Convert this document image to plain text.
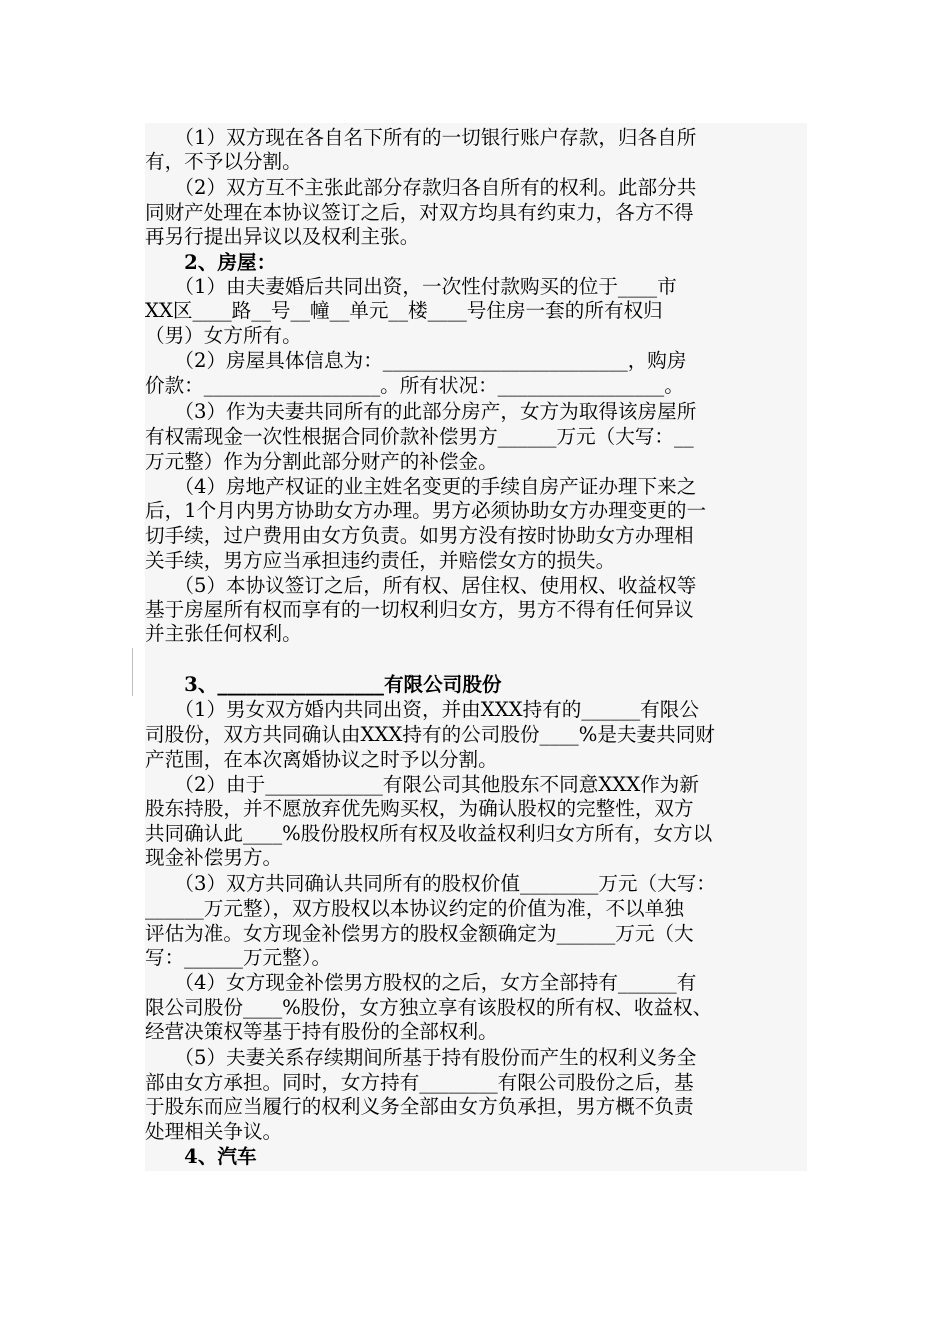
　　（1）双方现在各自名下所有的一切银行账户存款，归各自所
有，不予以分割。
　　（2）双方互不主张此部分存款归各自所有的权利。此部分共
同财产处理在本协议签订之后，对双方均具有约束力，各方不得
再另行提出异议以及权利主张。
　　2、房屋：
　　（1）由夫妻婚后共同出资，一次性付款购买的位于____市
XX区____路__号__幢__单元__楼____号住房一套的所有权归
（男）女方所有。
　　（2）房屋具体信息为：_________________________，购房
价款：__________________。所有状况：_________________。
　　（3）作为夫妻共同所有的此部分房产，女方为取得该房屋所
有权需现金一次性根据合同价款补偿男方______万元（大写：__
万元整）作为分割此部分财产的补偿金。
　　（4）房地产权证的业主姓名变更的手续自房产证办理下来之
后，1个月内男方协助女方办理。男方必须协助女方办理变更的一
切手续，过户费用由女方负责。如男方没有按时协助女方办理相
关手续，男方应当承担违约责任，并赔偿女方的损失。
　　（5）本协议签订之后，所有权、居住权、使用权、收益权等
基于房屋所有权而享有的一切权利归女方，男方不得有任何异议
并主张任何权利。
　　3、_________________有限公司股份
　　（1）男女双方婚内共同出资，并由XXX持有的______有限公
司股份，双方共同确认由XXX持有的公司股份____%是夫妻共同财
产范围，在本次离婚协议之时予以分割。
　　（2）由于____________有限公司其他股东不同意XXX作为新
股东持股，并不愿放弃优先购买权，为确认股权的完整性，双方
共同确认此____%股份股权所有权及收益权利归女方所有，女方以
现金补偿男方。
　　（3）双方共同确认共同所有的股权价值________万元（大写：
______万元整），双方股权以本协议约定的价值为准，不以单独
评估为准。女方现金补偿男方的股权金额确定为______万元（大
写：______万元整）。
　　（4）女方现金补偿男方股权的之后，女方全部持有______有
限公司股份____%股份，女方独立享有该股权的所有权、收益权、
经营决策权等基于持有股份的全部权利。
　　（5）夫妻关系存续期间所基于持有股份而产生的权利义务全
部由女方承担。同时，女方持有________有限公司股份之后，基
于股东而应当履行的权利义务全部由女方负承担，男方概不负责
处理相关争议。
　　4、汽车
